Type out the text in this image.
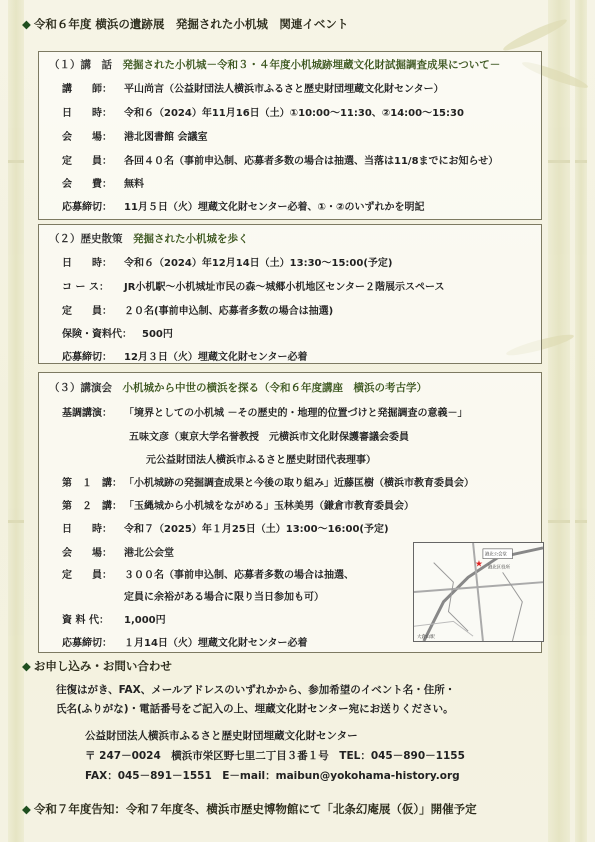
◆ 令和６年度 横浜の遺跡展　発掘された小机城　関連イベント
（１）講　話　 発掘された小机城－令和３・４年度小机城跡埋蔵文化財試掘調査成果について－
講　　師： 平山尚言（公益財団法人横浜市ふるさと歴史財団埋蔵文化財センター）
日　　時： 令和６（2024）年11月16日（土）①10:00～11:30、②14:00～15:30
会　　場： 港北図書館 会議室
定　　員： 各回４０名（事前申込制、応募者多数の場合は抽選、当落は11/8までにお知らせ）
会　　費： 無料
応募締切： 11月５日（火）埋蔵文化財センター必着、①・②のいずれかを明記
（２）歴史散策　 発掘された小机城を歩く
日　　時： 令和６（2024）年12月14日（土）13:30～15:00(予定)
コ ー ス： JR小机駅～小机城址市民の森～城郷小机地区センター２階展示スペース
定　　員： ２０名(事前申込制、応募者多数の場合は抽選)
保険・資料代： 500円
応募締切： 12月３日（火）埋蔵文化財センター必着
（３）講演会　 小机城から中世の横浜を探る（令和６年度講座　横浜の考古学）
基調講演： 「境界としての小机城 －その歴史的・地理的位置づけと発掘調査の意義－」
五味文彦（東京大学名誉教授　元横浜市文化財保護審議会委員
元公益財団法人横浜市ふるさと歴史財団代表理事）
第　１　講： 「小机城跡の発掘調査成果と今後の取り組み」近藤匡樹（横浜市教育委員会）
第　２　講： 「玉縄城から小机城をながめる」玉林美男（鎌倉市教育委員会）
日　　時： 令和７（2025）年１月25日（土）13:00～16:00(予定)
会　　場： 港北公会堂
定　　員： ３００名（事前申込制、応募者多数の場合は抽選、
定員に余裕がある場合に限り当日参加も可）
資 料 代： 1,000円
応募締切： １月14日（火）埋蔵文化財センター必着
港北公会堂
★ 港北区役所
大倉山駅
◆ お申し込み・お問い合わせ
往復はがき、FAX、メールアドレスのいずれかから、参加希望のイベント名・住所・
氏名(ふりがな)・電話番号をご記入の上、埋蔵文化財センター宛にお送りください。
公益財団法人横浜市ふるさと歴史財団埋蔵文化財センター
〒 247－0024　横浜市栄区野七里二丁目３番１号　TEL：045－890－1155
FAX：045－891－1551　E－mail：maibun@yokohama-history.org
◆ 令和７年度告知：令和７年度冬、横浜市歴史博物館にて「北条幻庵展（仮）」開催予定
